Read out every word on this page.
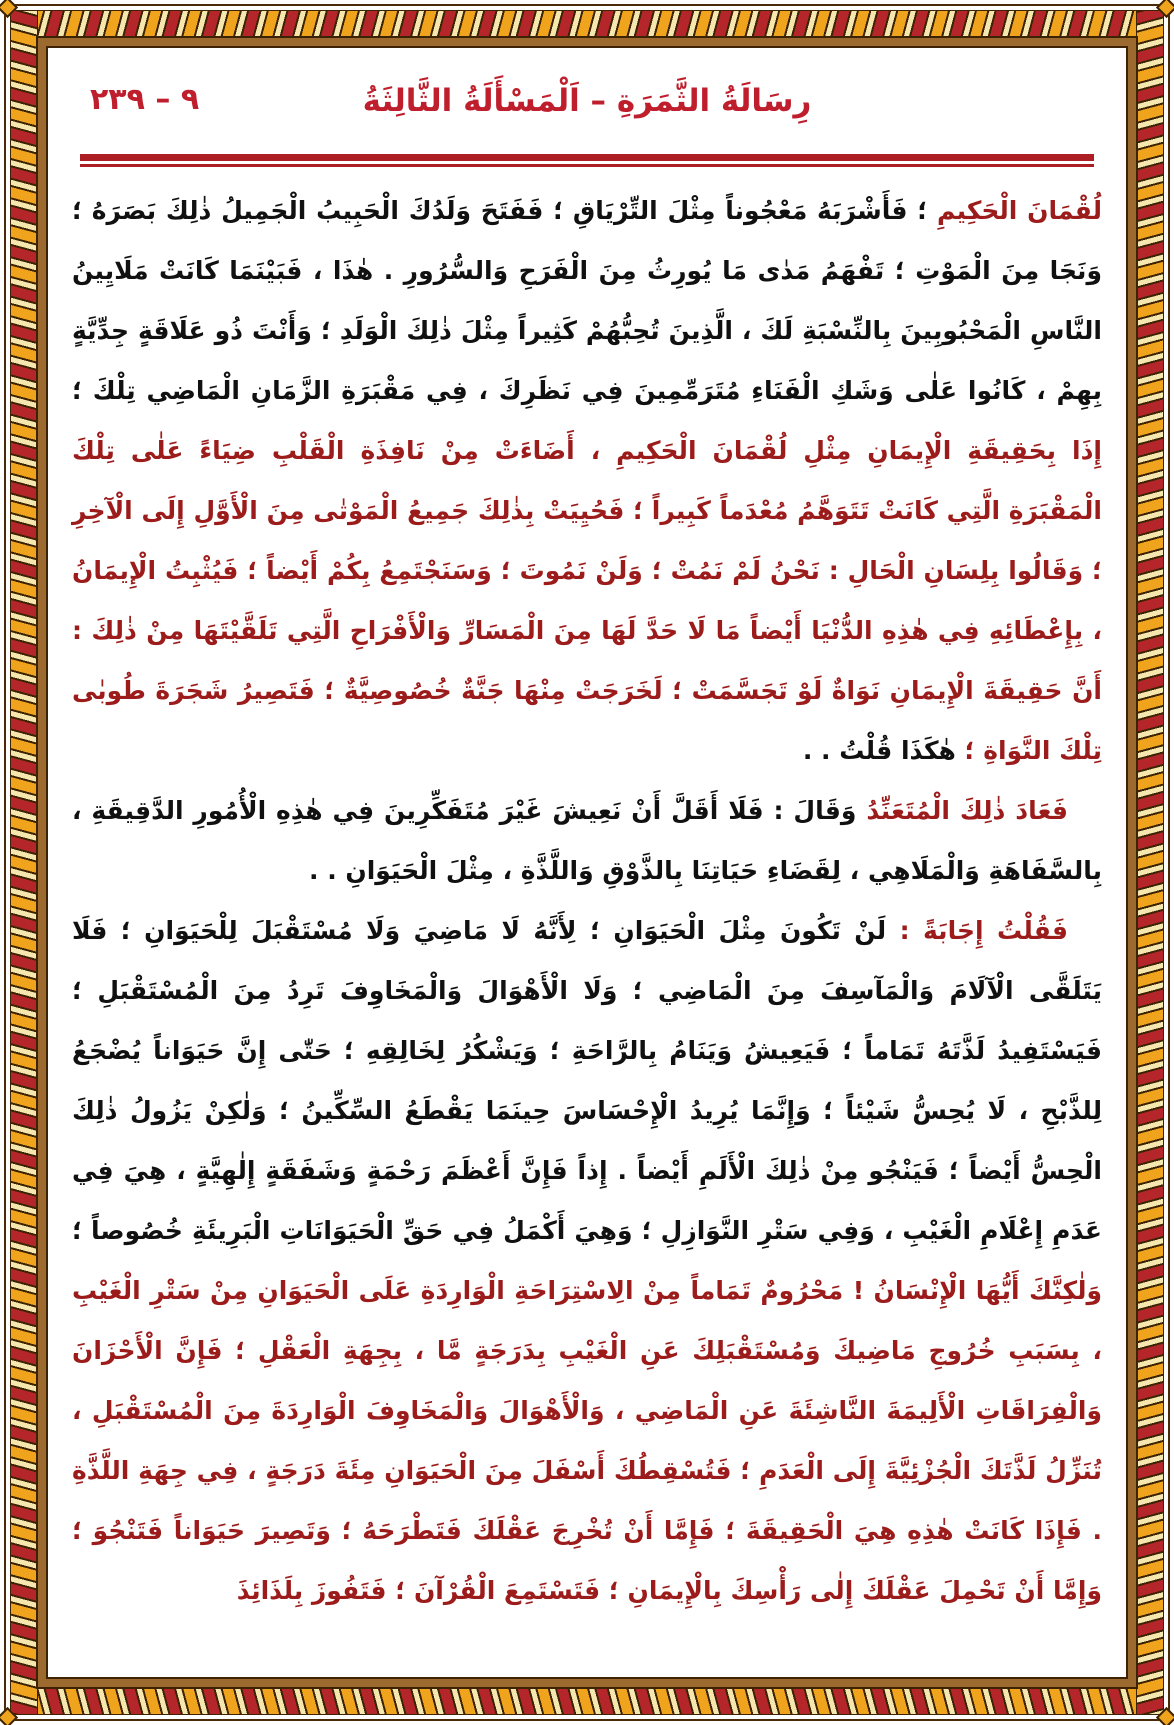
٩ – ٢٣٩	رِسَالَةُ الثَّمَرَةِ – اَلْمَسْأَلَةُ الثَّالِثَةُ

لُقْمَانَ الْحَكِيمِ ؛ فَأَشْرَبَهُ مَعْجُوناً مِثْلَ التِّرْيَاقِ ؛ فَفَتَحَ وَلَدُكَ الْحَبِيبُ الْجَمِيلُ ذٰلِكَ بَصَرَهُ ؛ وَنَجَا مِنَ الْمَوْتِ ؛ تَفْهَمُ مَدٰى مَا يُورِثُ مِنَ الْفَرَحِ وَالسُّرُورِ . هٰذَا ، فَبَيْنَمَا كَانَتْ مَلَايِينُ النَّاسِ الْمَحْبُوبِينَ بِالنِّسْبَةِ لَكَ ، الَّذِينَ تُحِبُّهُمْ كَثِيراً مِثْلَ ذٰلِكَ الْوَلَدِ ؛ وَأَنْتَ ذُو عَلَاقَةٍ جِدِّيَّةٍ بِهِمْ ، كَانُوا عَلٰى وَشَكِ الْفَنَاءِ مُتَرَمِّمِينَ فِي نَظَرِكَ ، فِي مَقْبَرَةِ الزَّمَانِ الْمَاضِي تِلْكَ ؛ إِذَا بِحَقِيقَةِ الْإِيمَانِ مِثْلِ لُقْمَانَ الْحَكِيمِ ، أَضَاءَتْ مِنْ نَافِذَةِ الْقَلْبِ ضِيَاءً عَلٰى تِلْكَ الْمَقْبَرَةِ الَّتِي كَانَتْ تَتَوَهَّمُ مُعْدَماً كَبِيراً ؛ فَحُيِيَتْ بِذٰلِكَ جَمِيعُ الْمَوْتٰى مِنَ الْأَوَّلِ إِلَى الْآخِرِ ؛ وَقَالُوا بِلِسَانِ الْحَالِ : نَحْنُ لَمْ نَمُتْ ؛ وَلَنْ نَمُوتَ ؛ وَسَنَجْتَمِعُ بِكُمْ أَيْضاً ؛ فَيُثْبِتُ الْإِيمَانُ ، بِإِعْطَائِهِ فِي هٰذِهِ الدُّنْيَا أَيْضاً مَا لَا حَدَّ لَهَا مِنَ الْمَسَارِّ وَالْأَفْرَاحِ الَّتِي تَلَقَّيْتَهَا مِنْ ذٰلِكَ : أَنَّ حَقِيقَةَ الْإِيمَانِ نَوَاةٌ لَوْ تَجَسَّمَتْ ؛ لَخَرَجَتْ مِنْهَا جَنَّةٌ خُصُوصِيَّةٌ ؛ فَتَصِيرُ شَجَرَةَ طُوبٰى تِلْكَ النَّوَاةِ ؛ هٰكَذَا قُلْتُ . .

فَعَادَ ذٰلِكَ الْمُتَعَنِّدُ وَقَالَ : فَلَا أَقَلَّ أَنْ نَعِيشَ غَيْرَ مُتَفَكِّرِينَ فِي هٰذِهِ الْأُمُورِ الدَّقِيقَةِ ، بِالسَّفَاهَةِ وَالْمَلَاهِي ، لِقَضَاءِ حَيَاتِنَا بِالذَّوْقِ وَاللَّذَّةِ ، مِثْلَ الْحَيَوَانِ . .

فَقُلْتُ إِجَابَةً : لَنْ تَكُونَ مِثْلَ الْحَيَوَانِ ؛ لِأَنَّهُ لَا مَاضِيَ وَلَا مُسْتَقْبَلَ لِلْحَيَوَانِ ؛ فَلَا يَتَلَقَّى الْآلَامَ وَالْمَآسِفَ مِنَ الْمَاضِي ؛ وَلَا الْأَهْوَالَ وَالْمَخَاوِفَ تَرِدُ مِنَ الْمُسْتَقْبَلِ ؛ فَيَسْتَفِيدُ لَذَّتَهُ تَمَاماً ؛ فَيَعِيشُ وَيَنَامُ بِالرَّاحَةِ ؛ وَيَشْكُرُ لِخَالِقِهِ ؛ حَتّٰى إِنَّ حَيَوَاناً يُضْجَعُ لِلذَّبْحِ ، لَا يُحِسُّ شَيْئاً ؛ وَإِنَّمَا يُرِيدُ الْإِحْسَاسَ حِينَمَا يَقْطَعُ السِّكِّينُ ؛ وَلٰكِنْ يَزُولُ ذٰلِكَ الْحِسُّ أَيْضاً ؛ فَيَنْجُو مِنْ ذٰلِكَ الْأَلَمِ أَيْضاً . إِذاً فَإِنَّ أَعْظَمَ رَحْمَةٍ وَشَفَقَةٍ إِلٰهِيَّةٍ ، هِيَ فِي عَدَمِ إِعْلَامِ الْغَيْبِ ، وَفِي سَتْرِ النَّوَازِلِ ؛ وَهِيَ أَكْمَلُ فِي حَقِّ الْحَيَوَانَاتِ الْبَرِيئَةِ خُصُوصاً ؛ وَلٰكِنَّكَ أَيُّهَا الْإِنْسَانُ ! مَحْرُومٌ تَمَاماً مِنْ الِاسْتِرَاحَةِ الْوَارِدَةِ عَلَى الْحَيَوَانِ مِنْ سَتْرِ الْغَيْبِ ، بِسَبَبِ خُرُوجِ مَاضِيكَ وَمُسْتَقْبَلِكَ عَنِ الْغَيْبِ بِدَرَجَةٍ مَّا ، بِجِهَةِ الْعَقْلِ ؛ فَإِنَّ الْأَحْزَانَ وَالْفِرَاقَاتِ الْأَلِيمَةَ النَّاشِئَةَ عَنِ الْمَاضِي ، وَالْأَهْوَالَ وَالْمَخَاوِفَ الْوَارِدَةَ مِنَ الْمُسْتَقْبَلِ ، تُنَزِّلُ لَذَّتَكَ الْجُزْئِيَّةَ إِلَى الْعَدَمِ ؛ فَتُسْقِطُكَ أَسْفَلَ مِنَ الْحَيَوَانِ مِئَةَ دَرَجَةٍ ، فِي جِهَةِ اللَّذَّةِ . فَإِذَا كَانَتْ هٰذِهِ هِيَ الْحَقِيقَةَ ؛ فَإِمَّا أَنْ تُخْرِجَ عَقْلَكَ فَتَطْرَحَهُ ؛ وَتَصِيرَ حَيَوَاناً فَتَنْجُوَ ؛ وَإِمَّا أَنْ تَحْمِلَ عَقْلَكَ إِلٰى رَأْسِكَ بِالْإِيمَانِ ؛ فَتَسْتَمِعَ الْقُرْآنَ ؛ فَتَفُوزَ بِلَذَائِذَ
